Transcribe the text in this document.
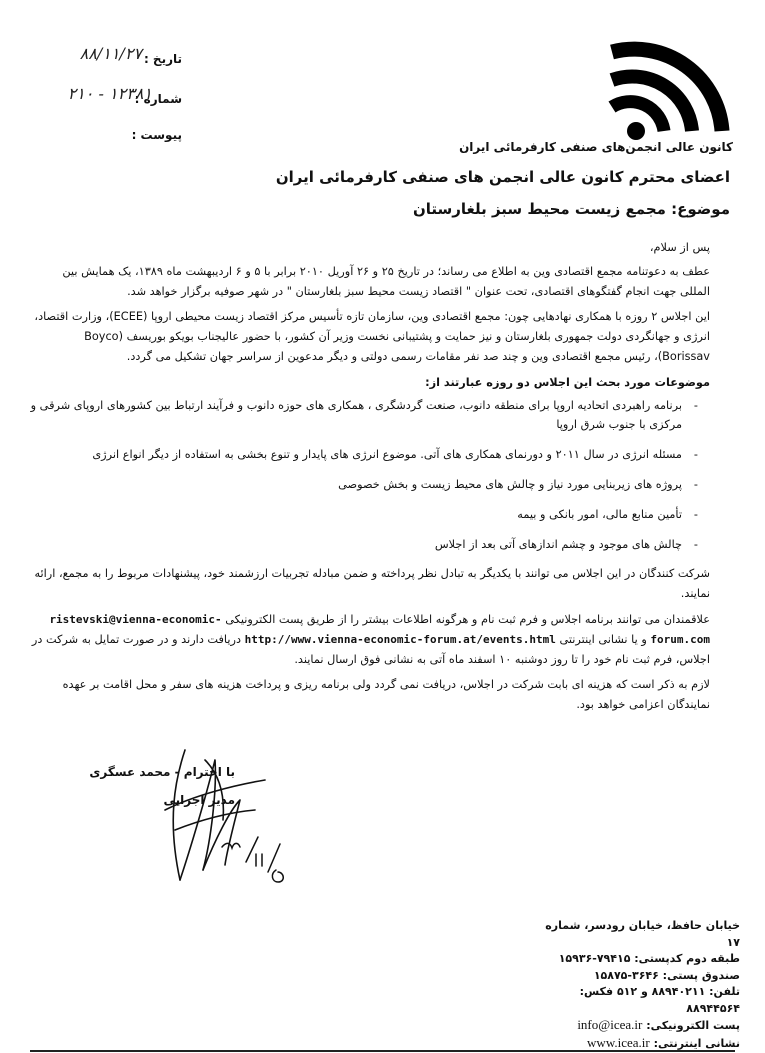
کانون عالی انجمن‌های صنفی کارفرمائی ایران
تاریخ :
۸۸/۱۱/۲۷
شماره :
۱۲۳۸۱ - ۲۱۰
پیوست :
اعضای محترم کانون عالی انجمن های صنفی کارفرمائی ایران
موضوع: مجمع زیست محیط سبز بلغارستان

پس از سلام،

عطف به دعوتنامه مجمع اقتصادی وین به اطلاع می رساند؛ در تاریخ ۲۵ و ۲۶ آوریل ۲۰۱۰ برابر با ۵ و ۶ اردیبهشت ماه ۱۳۸۹، یک همایش بین المللی جهت انجام گفتگوهای اقتصادی، تحت عنوان " اقتصاد زیست محیط سبز بلغارستان " در شهر صوفیه برگزار خواهد شد.

این اجلاس ۲ روزه با همکاری نهادهایی چون: مجمع اقتصادی وین، سازمان تازه تأسیس مرکز اقتصاد زیست محیطی اروپا (ECEE)، وزارت اقتصاد، انرژی و جهانگردی دولت جمهوری بلغارستان و نیز حمایت و پشتیبانی نخست وزیر آن کشور، با حضور عالیجناب بویکو بوریسف (Boyco Borissav)، رئیس مجمع اقتصادی وین و چند صد نفر مقامات رسمی دولتی و دیگر مدعوین از سراسر جهان تشکیل می گردد.

موضوعات مورد بحث این اجلاس دو روزه عبارتند از:

- برنامه راهبردی اتحادیه اروپا برای منطقه دانوب، صنعت گردشگری ، همکاری های حوزه دانوب و فرآیند ارتباط بین کشورهای اروپای شرقی و مرکزی با جنوب شرق اروپا
- مسئله انرژی در سال ۲۰۱۱ و دورنمای همکاری های آتی. موضوع انرژی های پایدار و تنوع بخشی به استفاده از دیگر انواع انرژی
- پروژه های زیربنایی مورد نیاز و چالش های محیط زیست و بخش خصوصی
- تأمین منابع مالی، امور بانکی و بیمه
- چالش های موجود و چشم اندازهای آتی بعد از اجلاس

شرکت کنندگان در این اجلاس می توانند با یکدیگر به تبادل نظر پرداخته و ضمن مبادله تجربیات ارزشمند خود، پیشنهادات مربوط را به مجمع، ارائه نمایند.

علاقمندان می توانند برنامه اجلاس و فرم ثبت نام و هرگونه اطلاعات بیشتر را از طریق پست الکترونیکی ristevski@vienna-economic-forum.com و یا نشانی اینترنتی http://www.vienna-economic-forum.at/events.html دریافت دارند و در صورت تمایل به شرکت در اجلاس، فرم ثبت نام خود را تا روز دوشنبه ۱۰ اسفند ماه آتی به نشانی فوق ارسال نمایند.

لازم به ذکر است که هزینه ای بابت شرکت در اجلاس، دریافت نمی گردد ولی برنامه ریزی و پرداخت هزینه های سفر و محل اقامت بر عهده نمایندگان اعزامی خواهد بود.

با احترام - محمد عسگری
مدیر اجرایی
خیابان حافظ، خیابان رودسر، شماره ۱۷
طبقه دوم کدپستی: ۷۹۴۱۵-۱۵۹۳۶
صندوق پستی: ۳۶۴۶-۱۵۸۷۵
تلفن: ۸۸۹۴۰۲۱۱ و ۵۱۲ فکس: ۸۸۹۴۴۵۶۴
پست الکترونیکی: info@icea.ir
نشانی اینترنتی: www.icea.ir
